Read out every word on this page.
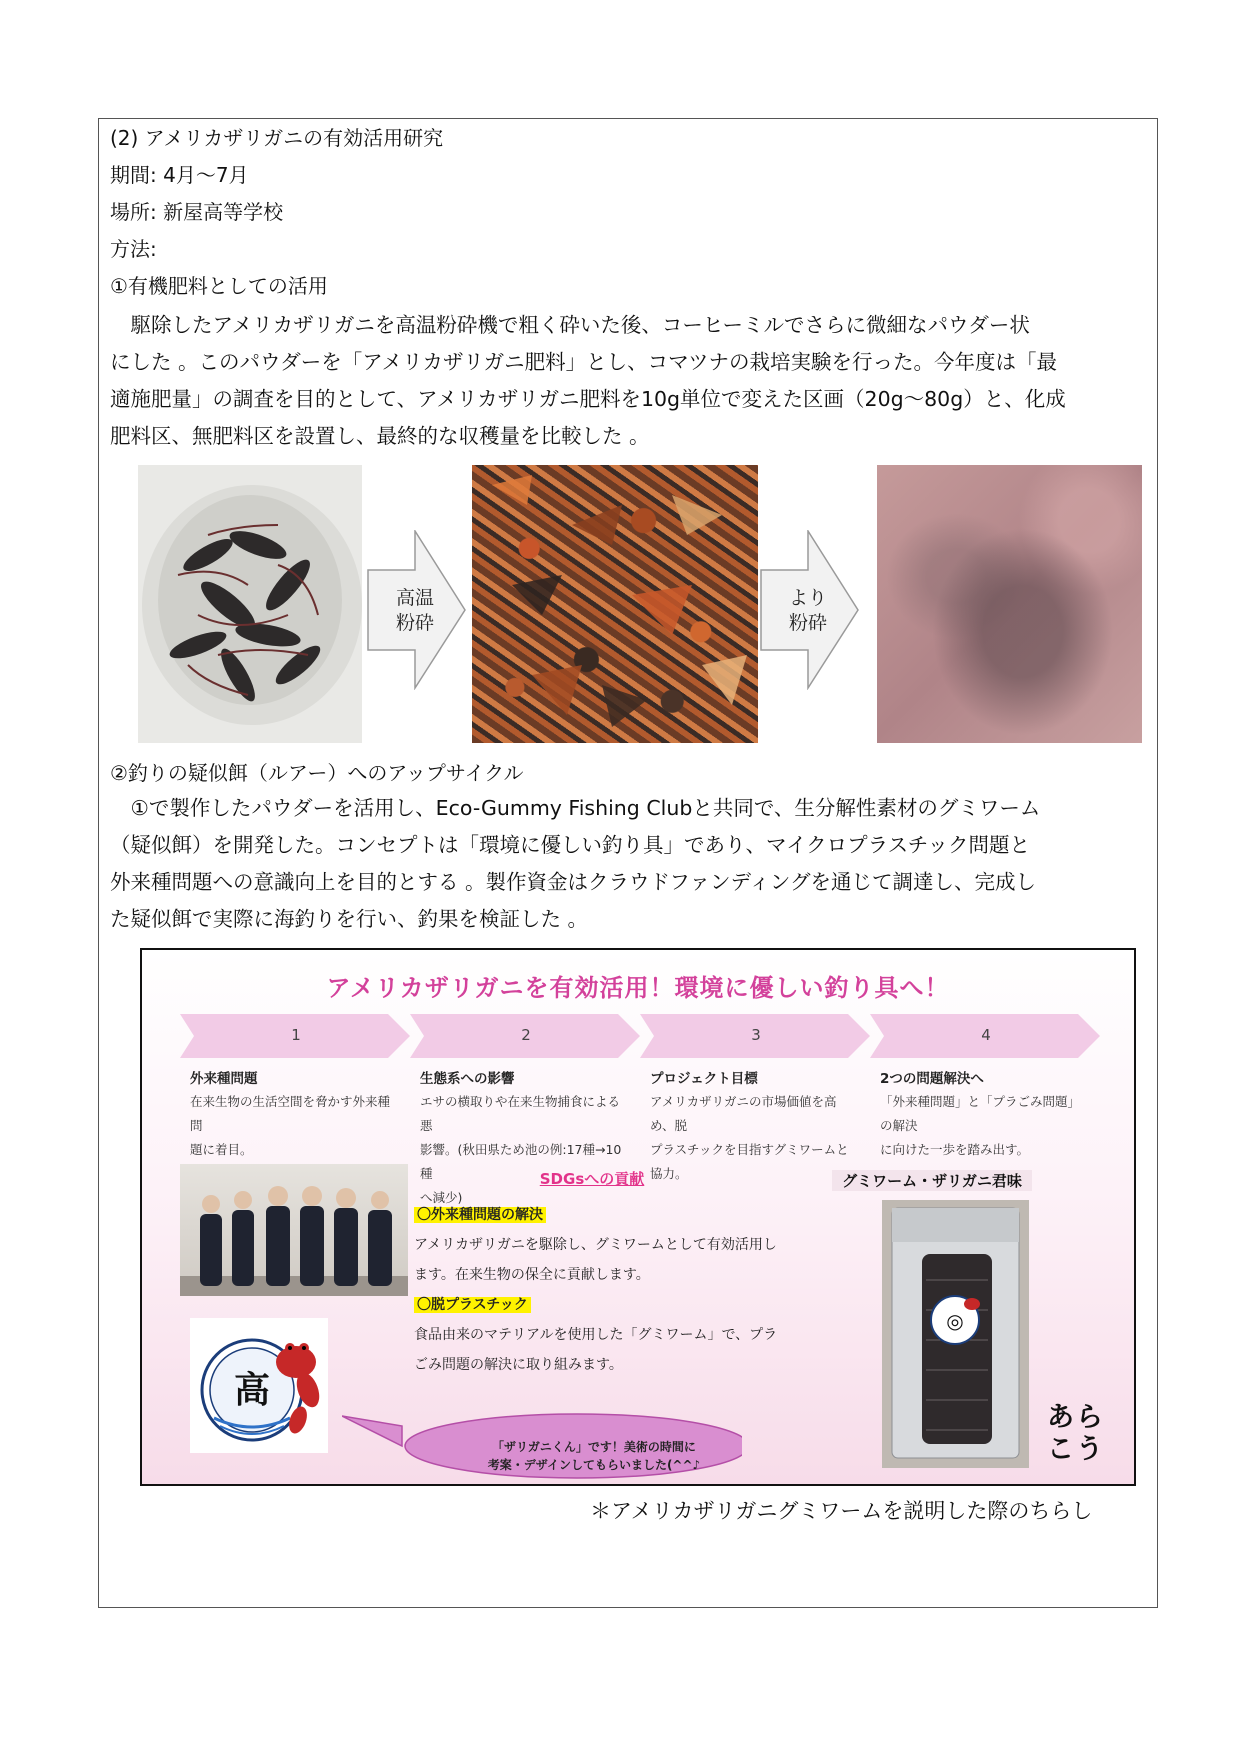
(2) アメリカザリガニの有効活用研究
期間: 4月～7月
場所: 新屋高等学校
方法:
①有機肥料としての活用
　駆除したアメリカザリガニを高温粉砕機で粗く砕いた後、コーヒーミルでさらに微細なパウダー状
にした 。このパウダーを「アメリカザリガニ肥料」とし、コマツナの栽培実験を行った。今年度は「最
適施肥量」の調査を目的として、アメリカザリガニ肥料を10g単位で変えた区画（20g～80g）と、化成
肥料区、無肥料区を設置し、最終的な収穫量を比較した 。
高温
粉砕
より
粉砕
②釣りの疑似餌（ルアー）へのアップサイクル
　①で製作したパウダーを活用し、Eco-Gummy Fishing Clubと共同で、生分解性素材のグミワーム
（疑似餌）を開発した。コンセプトは「環境に優しい釣り具」であり、マイクロプラスチック問題と
外来種問題への意識向上を目的とする 。製作資金はクラウドファンディングを通じて調達し、完成し
た疑似餌で実際に海釣りを行い、釣果を検証した 。
アメリカザリガニを有効活用！環境に優しい釣り具へ！
1	2	3	4
外来種問題
在来生物の生活空間を脅かす外来種問
題に着目。
生態系への影響
エサの横取りや在来生物捕食による悪
影響。(秋田県ため池の例:17種→10種
へ減少)
プロジェクト目標
アメリカザリガニの市場価値を高め、脱
プラスチックを目指すグミワームと協力。
2つの問題解決へ
「外来種問題」と「プラごみ問題」の解決
に向けた一歩を踏み出す。
高
「ザリガニくん」です！美術の時間に
考案・デザインしてもらいました(^^♪
SDGsへの貢献
〇外来種問題の解決
アメリカザリガニを駆除し、グミワームとして有効活用し
ます。在来生物の保全に貢献します。
〇脱プラスチック
食品由来のマテリアルを使用した「グミワーム」で、プラ
ごみ問題の解決に取り組みます。
グミワーム・ザリガニ君味
◎
あら
こう
＊アメリカザリガニグミワームを説明した際のちらし
